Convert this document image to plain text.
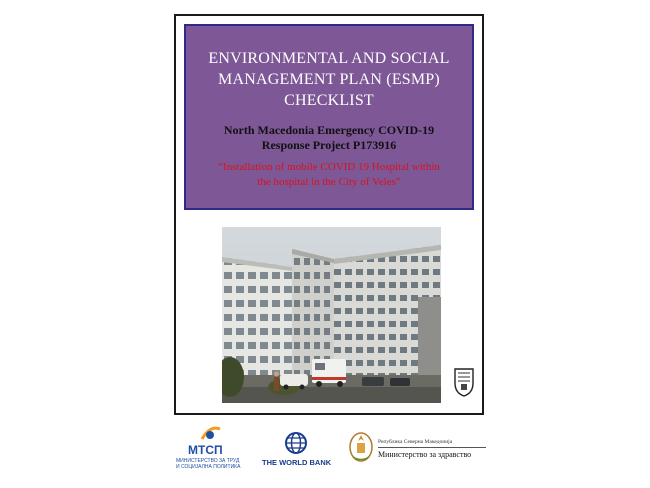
ENVIRONMENTAL AND SOCIAL
MANAGEMENT PLAN (ESMP)
CHECKLIST
North Macedonia Emergency COVID-19
Response Project P173916
“Installation of mobile COVID 19 Hospital within
the hospital in the City of Veles”
МТСП
МИНИСТЕРСТВО ЗА ТРУД
И СОЦИЈАЛНА ПОЛИТИКА	THE WORLD BANK
Република Северна Македонија
Министерство за здравство
